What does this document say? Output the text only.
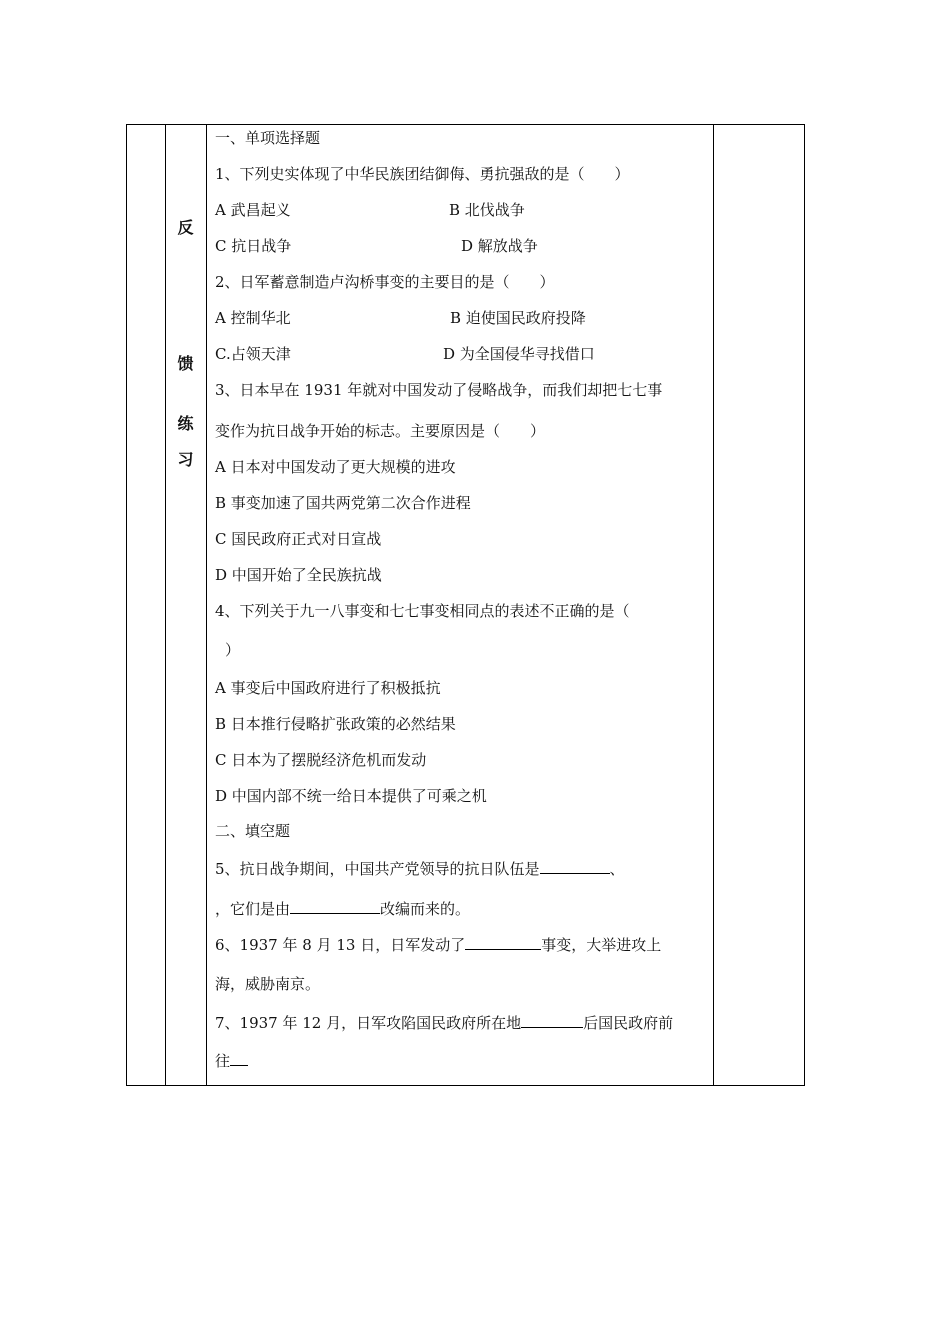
反
馈
练
习
一、单项选择题
1、下列史实体现了中华民族团结御侮、勇抗强敌的是（　　）
A 武昌起义	B 北伐战争
C 抗日战争	D 解放战争
2、日军蓄意制造卢沟桥事变的主要目的是（　　）
A 控制华北	B 迫使国民政府投降
C.占领天津	D 为全国侵华寻找借口
3、日本早在 1931 年就对中国发动了侵略战争，而我们却把七七事
变作为抗日战争开始的标志。主要原因是（　　）
A 日本对中国发动了更大规模的进攻
B 事变加速了国共两党第二次合作进程
C 国民政府正式对日宣战
D 中国开始了全民族抗战
4、下列关于九一八事变和七七事变相同点的表述不正确的是（
）
A 事变后中国政府进行了积极抵抗
B 日本推行侵略扩张政策的必然结果
C 日本为了摆脱经济危机而发动
D 中国内部不统一给日本提供了可乘之机
二、填空题
5、抗日战争期间，中国共产党领导的抗日队伍是	、
，它们是由	改编而来的。
6、1937 年 8 月 13 日，日军发动了	事变，大举进攻上
海，威胁南京。
7、1937 年 12 月，日军攻陷国民政府所在地	后国民政府前
往
